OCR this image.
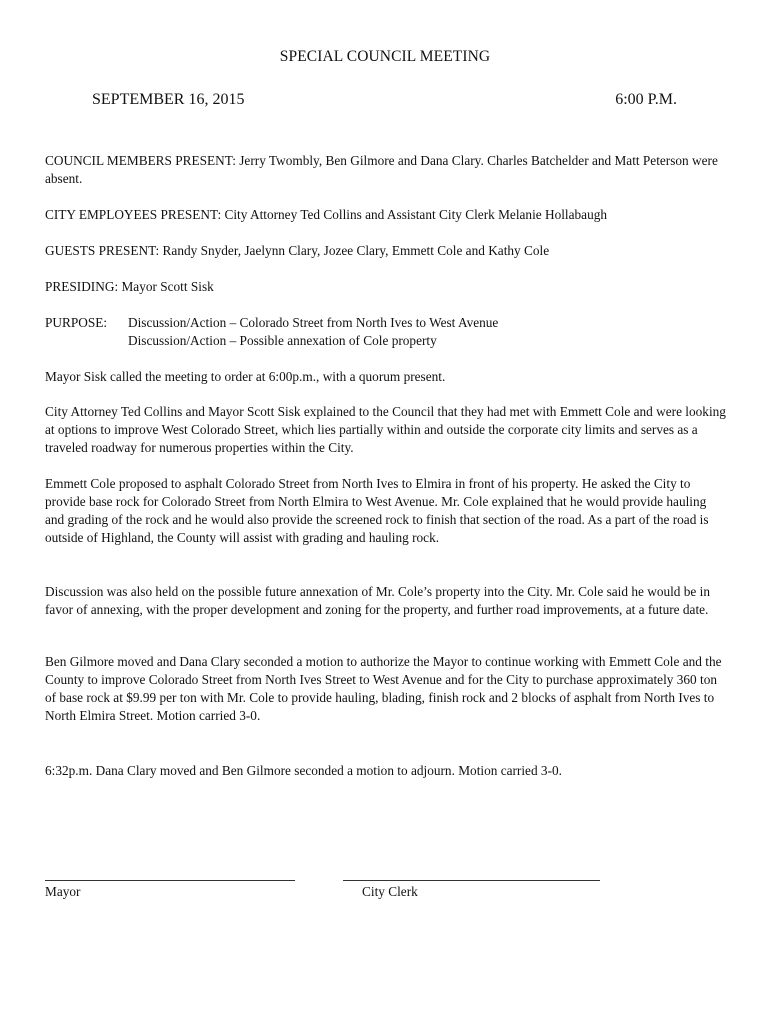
SPECIAL COUNCIL MEETING
SEPTEMBER 16, 2015	6:00 P.M.
COUNCIL MEMBERS PRESENT: Jerry Twombly, Ben Gilmore and Dana Clary. Charles Batchelder and Matt Peterson were absent.
CITY EMPLOYEES PRESENT: City Attorney Ted Collins and Assistant City Clerk Melanie Hollabaugh
GUESTS PRESENT: Randy Snyder, Jaelynn Clary, Jozee Clary, Emmett Cole and Kathy Cole
PRESIDING: Mayor Scott Sisk
PURPOSE: Discussion/Action – Colorado Street from North Ives to West Avenue
Discussion/Action – Possible annexation of Cole property
Mayor Sisk called the meeting to order at 6:00p.m., with a quorum present.
City Attorney Ted Collins and Mayor Scott Sisk explained to the Council that they had met with Emmett Cole and were looking at options to improve West Colorado Street, which lies partially within and outside the corporate city limits and serves as a traveled roadway for numerous properties within the City.
Emmett Cole proposed to asphalt Colorado Street from North Ives to Elmira in front of his property. He asked the City to provide base rock for Colorado Street from North Elmira to West Avenue. Mr. Cole explained that he would provide hauling and grading of the rock and he would also provide the screened rock to finish that section of the road. As a part of the road is outside of Highland, the County will assist with grading and hauling rock.
Discussion was also held on the possible future annexation of Mr. Cole’s property into the City. Mr. Cole said he would be in favor of annexing, with the proper development and zoning for the property, and further road improvements, at a future date.
Ben Gilmore moved and Dana Clary seconded a motion to authorize the Mayor to continue working with Emmett Cole and the County to improve Colorado Street from North Ives Street to West Avenue and for the City to purchase approximately 360 ton of base rock at $9.99 per ton with Mr. Cole to provide hauling, blading, finish rock and 2 blocks of asphalt from North Ives to North Elmira Street. Motion carried 3-0.
6:32p.m. Dana Clary moved and Ben Gilmore seconded a motion to adjourn. Motion carried 3-0.
Mayor	City Clerk
